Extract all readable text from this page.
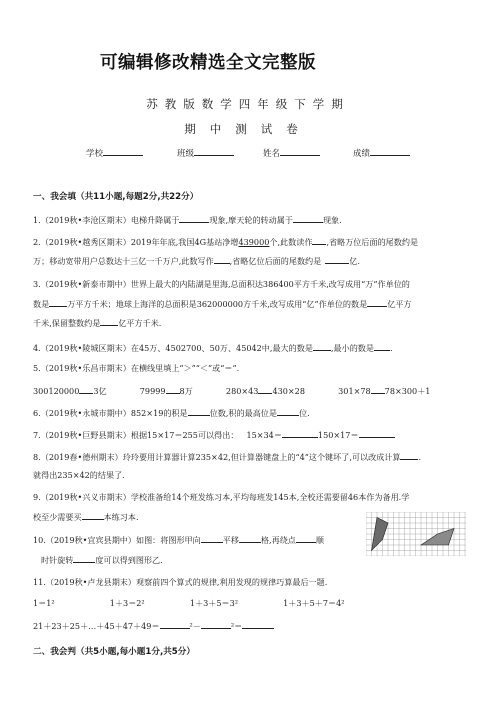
可编辑修改精选全文完整版
苏教版数学四年级下学期
期中测试卷
学校	班级	姓名	成绩
一、我会填（共11小题,每题2分,共22分）
1.（2019秋•李沧区期末）电梯升降属于	现象,摩天轮的转动属于	现象.
2.（2019秋•越秀区期末）2019年年底,我国4G基站净增439000个,此数读作 ,省略万位后面的尾数约是
万；移动宽带用户总数达十三亿一千万户,此数写作 ,省略亿位后面的尾数约是	亿.
3.（2019秋•新泰市期中）世界上最大的内陆湖是里海,总面积达386400平方千米,改写成用“万”作单位的
数是 万平方千米；地球上海洋的总面积是362000000方千米,改写成用“亿”作单位的数是 亿平方
千米,保留整数约是 亿平方千米.
4.（2019秋•陵城区期末）在45万、4502700、50万、45042中,最大的数是 ,最小的数是 .
5.（2019秋•乐昌市期末）在横线里填上“＞”“＜”或“＝”.
300120000 3亿	79999 8万	280×43 430×28	301×78 78×300＋1
6.（2019秋•永城市期中）852×19的积是	位数,积的最高位是	位.
7.（2019秋•巨野县期末）根据15×17＝255可以得出： 15×34＝	150×17＝
8.（2019春•德州期末）玲玲要用计算器计算235×42,但计算器键盘上的“4”这个键坏了,可以改成计算 .
就得出235×42的结果了.
9.（2019秋•兴义市期末）学校准备给14个班发练习本,平均每班发145本,全校还需要留46本作为备用.学
校至少需要买	本练习本.
10.（2019秋•宜宾县期中）如图：将图形甲向	平移	格,再绕点 顺
时针旋转	度可以得到图形乙.
11.（2019秋•卢龙县期末）观察前四个算式的规律,利用发现的规律巧算最后一题.
1＝1²	1＋3＝2²	1＋3＋5＝3²	1＋3＋5＋7＝4²
21＋23＋25＋…＋45＋47＋49＝	²－	²＝
二、我会判（共5小题,每小题1分,共5分）
